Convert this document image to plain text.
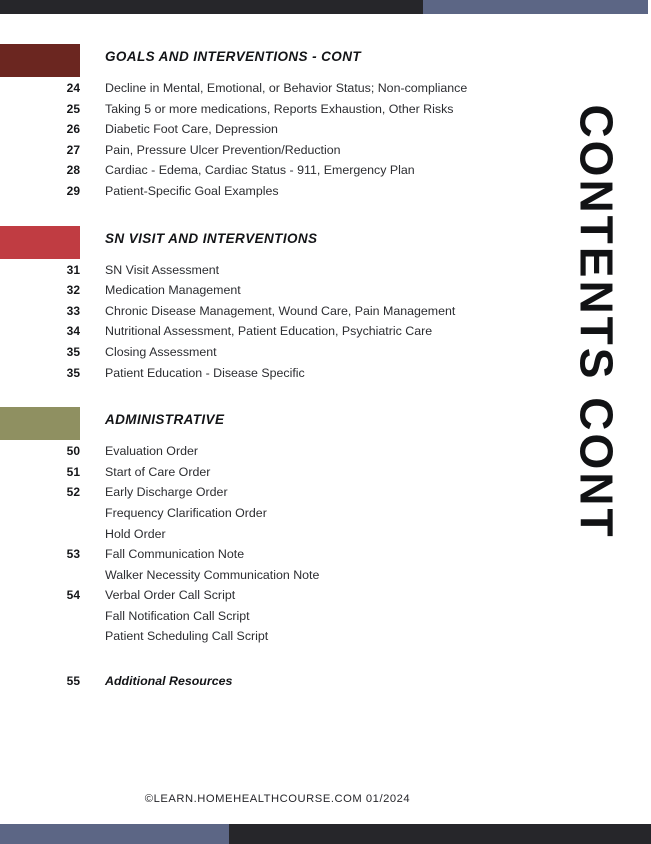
CONTENTS CONT
GOALS AND INTERVENTIONS - CONT
24 Decline in Mental, Emotional, or Behavior Status; Non-compliance
25 Taking 5 or more medications, Reports Exhaustion, Other Risks
26 Diabetic Foot Care, Depression
27 Pain, Pressure Ulcer Prevention/Reduction
28 Cardiac - Edema, Cardiac Status - 911, Emergency Plan
29 Patient-Specific Goal Examples
SN VISIT AND INTERVENTIONS
31 SN Visit Assessment
32 Medication Management
33 Chronic Disease Management, Wound Care, Pain Management
34 Nutritional Assessment, Patient Education, Psychiatric Care
35 Closing Assessment
35 Patient Education - Disease Specific
ADMINISTRATIVE
50 Evaluation Order
51 Start of Care Order
52 Early Discharge Order
Frequency Clarification Order
Hold Order
53 Fall Communication Note
Walker Necessity Communication Note
54 Verbal Order Call Script
Fall Notification Call Script
Patient Scheduling Call Script
55 Additional Resources
©LEARN.HOMEHEALTHCOURSE.COM 01/2024
